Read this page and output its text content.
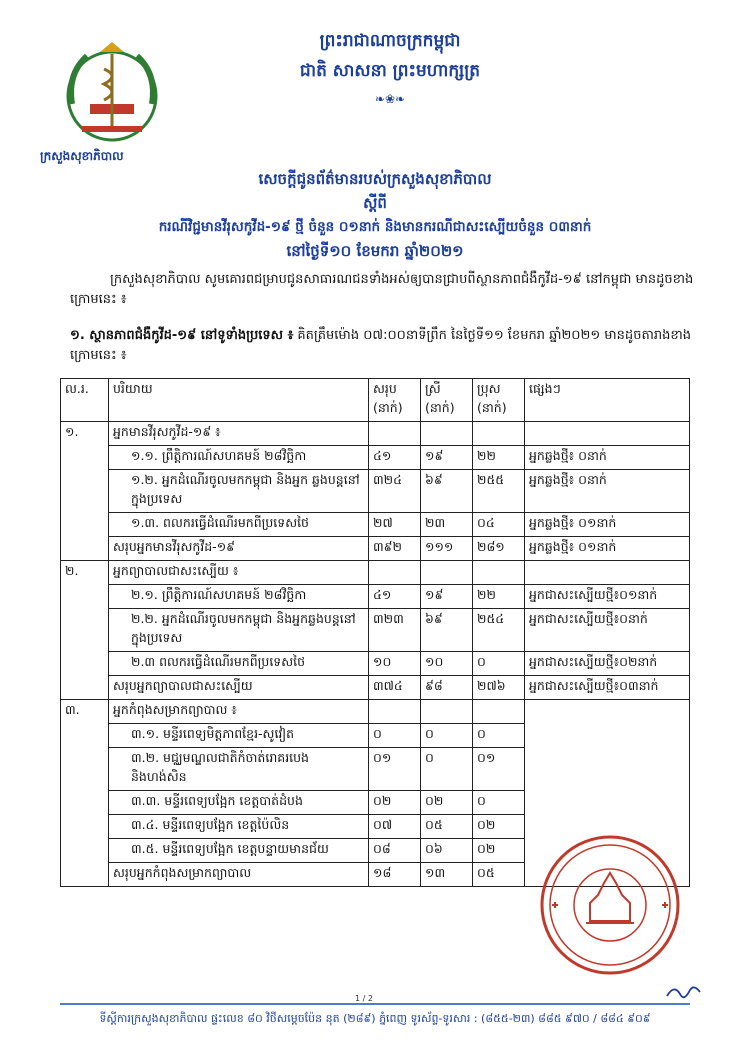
ក្រសួងសុខាភិបាល
ព្រះរាជាណាចក្រកម្ពុជា
ជាតិ សាសនា ព្រះមហាក្សត្រ
❧❀❧
សេចក្តីជូនព័ត៌មានរបស់ក្រសួងសុខាភិបាល
ស្តីពី
ករណីវិជ្ជមានវីរុសកូវីដ-១៩ ថ្មី ចំនួន ០១នាក់ និងមានករណីជាសះស្បើយចំនួន ០៣នាក់
នៅថ្ងៃទី១០ ខែមករា ឆ្នាំ២០២១
ក្រសួងសុខាភិបាល សូមគោរពជម្រាបជូនសាធារណជនទាំងអស់ឲ្យបានជ្រាបពីស្ថានភាពជំងឺកូវីដ-១៩ នៅកម្ពុជា មានដូចខាងក្រោមនេះ ៖
១. ស្ថានភាពជំងឺកូវីដ-១៩ នៅទូទាំងប្រទេស ៖ គិតត្រឹមម៉ោង ០៧:០០នាទីព្រឹក នៃថ្ងៃទី១១ ខែមករា ឆ្នាំ២០២១ មានដូចតារាងខាងក្រោមនេះ ៖
ល.រ.	បរិយាយ	សរុប (នាក់)	ស្រី (នាក់)	ប្រុស (នាក់)	ផ្សេងៗ
១.	អ្នកមានវីរុសកូវីដ-១៩ ៖				
	១.១. ព្រឹត្តិការណ៍សហគមន៍ ២៨វិច្ឆិកា	៤១	១៩	២២	អ្នកឆ្លងថ្មី៖ ០នាក់
	១.២. អ្នកដំណើរចូលមកកម្ពុជា និងអ្នក ឆ្លងបន្តនៅក្នុងប្រទេស	៣២៤	៦៩	២៥៥	អ្នកឆ្លងថ្មី៖ ០នាក់
	១.៣. ពលករធ្វើដំណើរមកពីប្រទេសថៃ	២៧	២៣	០៤	អ្នកឆ្លងថ្មី៖ ០១នាក់
	សរុបអ្នកមានវីរុសកូវីដ-១៩	៣៩២	១១១	២៨១	អ្នកឆ្លងថ្មី៖ ០១នាក់
២.	អ្នកព្យាបាលជាសះស្បើយ ៖				
	២.១. ព្រឹត្តិការណ៍សហគមន៍ ២៨វិច្ឆិកា	៤១	១៩	២២	អ្នកជាសះស្បើយថ្មី៖០១នាក់
	២.២. អ្នកដំណើរចូលមកកម្ពុជា និងអ្នកឆ្លងបន្តនៅក្នុងប្រទេស	៣២៣	៦៩	២៥៤	អ្នកជាសះស្បើយថ្មី៖០នាក់
	២.៣ ពលករធ្វើដំណើរមកពីប្រទេសថៃ	១០	១០	០	អ្នកជាសះស្បើយថ្មី៖០២នាក់
	សរុបអ្នកព្យាបាលជាសះស្បើយ	៣៧៤	៩៨	២៧៦	អ្នកជាសះស្បើយថ្មី៖០៣នាក់
៣.	អ្នកកំពុងសម្រាកព្យាបាល ៖				
	៣.១. មន្ទីរពេទ្យមិត្តភាពខ្មែរ-សូវៀត	០	០	០	
	៣.២. មជ្ឈមណ្ឌលជាតិកំចាត់រោគរបេង និងហង់សិន	០១	០	០១	
	៣.៣. មន្ទីរពេទ្យបង្អែក ខេត្តបាត់ដំបង	០២	០២	០	
	៣.៤. មន្ទីរពេទ្យបង្អែក ខេត្តប៉ៃលិន	០៧	០៥	០២	
	៣.៥. មន្ទីរពេទ្យបង្អែក ខេត្តបន្ទាយមានជ័យ	០៨	០៦	០២	
	សរុបអ្នកកំពុងសម្រាកព្យាបាល	១៨	១៣	០៥	
1 / 2
ទីស្តីការក្រសួងសុខាភិបាល ផ្ទះលេខ ៨០ វិថីសម្តេចប៉ែន នុត (២៨៩) ភ្នំពេញ ទូរស័ព្ទ-ទូរសារ : (៨៥៥-២៣) ៨៨៥ ៩៧០ / ៨៨៤ ៩០៩
